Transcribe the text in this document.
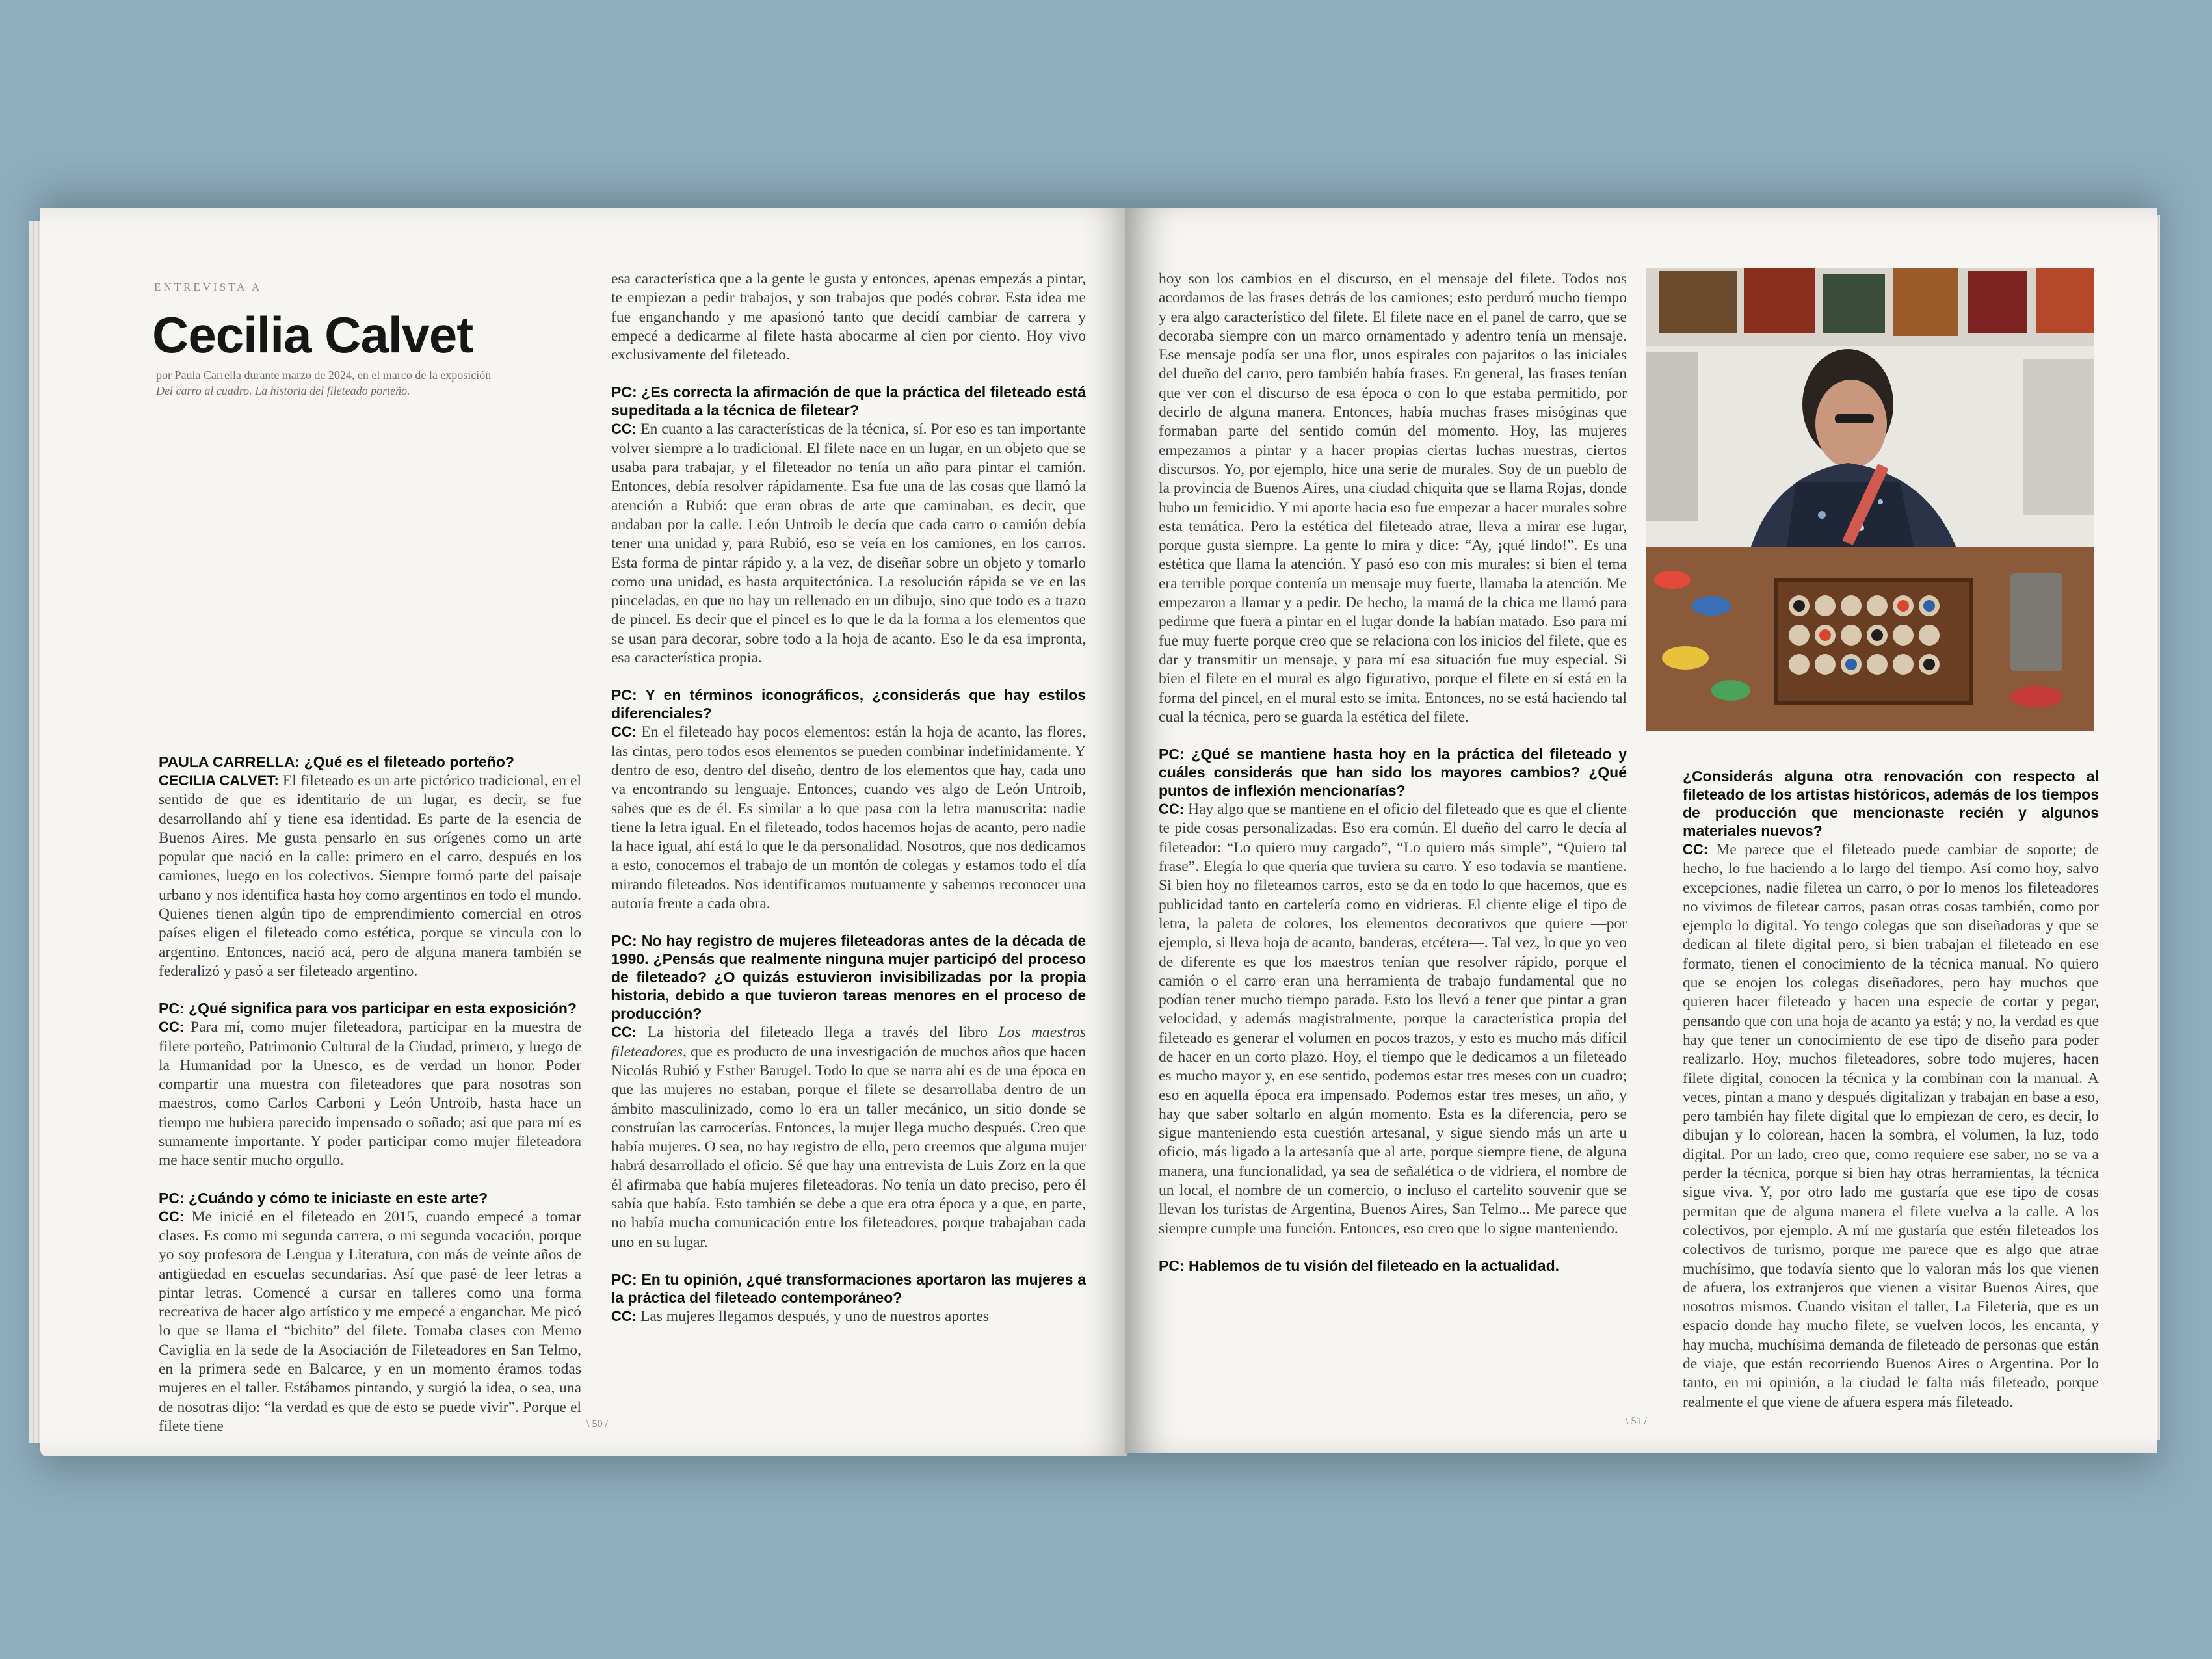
ENTREVISTA A
Cecilia Calvet
por Paula Carrella durante marzo de 2024, en el marco de la exposición
Del carro al cuadro. La historia del fileteado porteño.

PAULA CARRELLA: ¿Qué es el fileteado porteño?
CECILIA CALVET: El fileteado es un arte pictórico tradicional, en el sentido de que es identitario de un lugar, es decir, se fue desarrollando ahí y tiene esa identidad. Es parte de la esencia de Buenos Aires. Me gusta pensarlo en sus orígenes como un arte popular que nació en la calle: primero en el carro, después en los camiones, luego en los colectivos. Siempre formó parte del paisaje urbano y nos identifica hasta hoy como argentinos en todo el mundo. Quienes tienen algún tipo de emprendimiento comercial en otros países eligen el fileteado como estética, porque se vincula con lo argentino. Entonces, nació acá, pero de alguna manera también se federalizó y pasó a ser fileteado argentino.

PC: ¿Qué significa para vos participar en esta exposición?
CC: Para mí, como mujer fileteadora, participar en la muestra de filete porteño, Patrimonio Cultural de la Ciudad, primero, y luego de la Humanidad por la Unesco, es de verdad un honor. Poder compartir una muestra con fileteadores que para nosotras son maestros, como Carlos Carboni y León Untroib, hasta hace un tiempo me hubiera parecido impensado o soñado; así que para mí es sumamente importante. Y poder participar como mujer fileteadora me hace sentir mucho orgullo.

PC: ¿Cuándo y cómo te iniciaste en este arte?
CC: Me inicié en el fileteado en 2015, cuando empecé a tomar clases. Es como mi segunda carrera, o mi segunda vocación, porque yo soy profesora de Lengua y Literatura, con más de veinte años de antigüedad en escuelas secundarias. Así que pasé de leer letras a pintar letras. Comencé a cursar en talleres como una forma recreativa de hacer algo artístico y me empecé a enganchar. Me picó lo que se llama el “bichito” del filete. Tomaba clases con Memo Caviglia en la sede de la Asociación de Fileteadores en San Telmo, en la primera sede en Balcarce, y en un momento éramos todas mujeres en el taller. Estábamos pintando, y surgió la idea, o sea, una de nosotras dijo: “la verdad es que de esto se puede vivir”. Porque el filete tiene

esa característica que a la gente le gusta y entonces, apenas empezás a pintar, te empiezan a pedir trabajos, y son trabajos que podés cobrar. Esta idea me fue enganchando y me apasionó tanto que decidí cambiar de carrera y empecé a dedicarme al filete hasta abocarme al cien por ciento. Hoy vivo exclusivamente del fileteado.

PC: ¿Es correcta la afirmación de que la práctica del fileteado está supeditada a la técnica de filetear?
CC: En cuanto a las características de la técnica, sí. Por eso es tan importante volver siempre a lo tradicional. El filete nace en un lugar, en un objeto que se usaba para trabajar, y el fileteador no tenía un año para pintar el camión. Entonces, debía resolver rápidamente. Esa fue una de las cosas que llamó la atención a Rubió: que eran obras de arte que caminaban, es decir, que andaban por la calle. León Untroib le decía que cada carro o camión debía tener una unidad y, para Rubió, eso se veía en los camiones, en los carros. Esta forma de pintar rápido y, a la vez, de diseñar sobre un objeto y tomarlo como una unidad, es hasta arquitectónica. La resolución rápida se ve en las pinceladas, en que no hay un rellenado en un dibujo, sino que todo es a trazo de pincel. Es decir que el pincel es lo que le da la forma a los elementos que se usan para decorar, sobre todo a la hoja de acanto. Eso le da esa impronta, esa característica propia.

PC: Y en términos iconográficos, ¿considerás que hay estilos diferenciales?
CC: En el fileteado hay pocos elementos: están la hoja de acanto, las flores, las cintas, pero todos esos elementos se pueden combinar indefinidamente. Y dentro de eso, dentro del diseño, dentro de los elementos que hay, cada uno va encontrando su lenguaje. Entonces, cuando ves algo de León Untroib, sabes que es de él. Es similar a lo que pasa con la letra manuscrita: nadie tiene la letra igual. En el fileteado, todos hacemos hojas de acanto, pero nadie la hace igual, ahí está lo que le da personalidad. Nosotros, que nos dedicamos a esto, conocemos el trabajo de un montón de colegas y estamos todo el día mirando fileteados. Nos identificamos mutuamente y sabemos reconocer una autoría frente a cada obra.

PC: No hay registro de mujeres fileteadoras antes de la década de 1990. ¿Pensás que realmente ninguna mujer participó del proceso de fileteado? ¿O quizás estuvieron invisibilizadas por la propia historia, debido a que tuvieron tareas menores en el proceso de producción?
CC: La historia del fileteado llega a través del libro Los maestros fileteadores, que es producto de una investigación de muchos años que hacen Nicolás Rubió y Esther Barugel. Todo lo que se narra ahí es de una época en que las mujeres no estaban, porque el filete se desarrollaba dentro de un ámbito masculinizado, como lo era un taller mecánico, un sitio donde se construían las carrocerías. Entonces, la mujer llega mucho después. Creo que había mujeres. O sea, no hay registro de ello, pero creemos que alguna mujer habrá desarrollado el oficio. Sé que hay una entrevista de Luis Zorz en la que él afirmaba que había mujeres fileteadoras. No tenía un dato preciso, pero él sabía que había. Esto también se debe a que era otra época y a que, en parte, no había mucha comunicación entre los fileteadores, porque trabajaban cada uno en su lugar.

PC: En tu opinión, ¿qué transformaciones aportaron las mujeres a la práctica del fileteado contemporáneo?
CC: Las mujeres llegamos después, y uno de nuestros aportes

\ 50 /

hoy son los cambios en el discurso, en el mensaje del filete. Todos nos acordamos de las frases detrás de los camiones; esto perduró mucho tiempo y era algo característico del filete. El filete nace en el panel de carro, que se decoraba siempre con un marco ornamentado y adentro tenía un mensaje. Ese mensaje podía ser una flor, unos espirales con pajaritos o las iniciales del dueño del carro, pero también había frases. En general, las frases tenían que ver con el discurso de esa época o con lo que estaba permitido, por decirlo de alguna manera. Entonces, había muchas frases misóginas que formaban parte del sentido común del momento. Hoy, las mujeres empezamos a pintar y a hacer propias ciertas luchas nuestras, ciertos discursos. Yo, por ejemplo, hice una serie de murales. Soy de un pueblo de la provincia de Buenos Aires, una ciudad chiquita que se llama Rojas, donde hubo un femicidio. Y mi aporte hacia eso fue empezar a hacer murales sobre esta temática. Pero la estética del fileteado atrae, lleva a mirar ese lugar, porque gusta siempre. La gente lo mira y dice: “Ay, ¡qué lindo!”. Es una estética que llama la atención. Y pasó eso con mis murales: si bien el tema era terrible porque contenía un mensaje muy fuerte, llamaba la atención. Me empezaron a llamar y a pedir. De hecho, la mamá de la chica me llamó para pedirme que fuera a pintar en el lugar donde la habían matado. Eso para mí fue muy fuerte porque creo que se relaciona con los inicios del filete, que es dar y transmitir un mensaje, y para mí esa situación fue muy especial. Si bien el filete en el mural es algo figurativo, porque el filete en sí está en la forma del pincel, en el mural esto se imita. Entonces, no se está haciendo tal cual la técnica, pero se guarda la estética del filete.

PC: ¿Qué se mantiene hasta hoy en la práctica del fileteado y cuáles considerás que han sido los mayores cambios? ¿Qué puntos de inflexión mencionarías?
CC: Hay algo que se mantiene en el oficio del fileteado que es que el cliente te pide cosas personalizadas. Eso era común. El dueño del carro le decía al fileteador: “Lo quiero muy cargado”, “Lo quiero más simple”, “Quiero tal frase”. Elegía lo que quería que tuviera su carro. Y eso todavía se mantiene. Si bien hoy no fileteamos carros, esto se da en todo lo que hacemos, que es publicidad tanto en cartelería como en vidrieras. El cliente elige el tipo de letra, la paleta de colores, los elementos decorativos que quiere —por ejemplo, si lleva hoja de acanto, banderas, etcétera—. Tal vez, lo que yo veo de diferente es que los maestros tenían que resolver rápido, porque el camión o el carro eran una herramienta de trabajo fundamental que no podían tener mucho tiempo parada. Esto los llevó a tener que pintar a gran velocidad, y además magistralmente, porque la característica propia del fileteado es generar el volumen en pocos trazos, y esto es mucho más difícil de hacer en un corto plazo. Hoy, el tiempo que le dedicamos a un fileteado es mucho mayor y, en ese sentido, podemos estar tres meses con un cuadro; eso en aquella época era impensado. Podemos estar tres meses, un año, y hay que saber soltarlo en algún momento. Esta es la diferencia, pero se sigue manteniendo esta cuestión artesanal, y sigue siendo más un arte u oficio, más ligado a la artesanía que al arte, porque siempre tiene, de alguna manera, una funcionalidad, ya sea de señalética o de vidriera, el nombre de un local, el nombre de un comercio, o incluso el cartelito souvenir que se llevan los turistas de Argentina, Buenos Aires, San Telmo... Me parece que siempre cumple una función. Entonces, eso creo que lo sigue manteniendo.

PC: Hablemos de tu visión del fileteado en la actualidad.

¿Considerás alguna otra renovación con respecto al fileteado de los artistas históricos, además de los tiempos de producción que mencionaste recién y algunos materiales nuevos?
CC: Me parece que el fileteado puede cambiar de soporte; de hecho, lo fue haciendo a lo largo del tiempo. Así como hoy, salvo excepciones, nadie filetea un carro, o por lo menos los fileteadores no vivimos de filetear carros, pasan otras cosas también, como por ejemplo lo digital. Yo tengo colegas que son diseñadoras y que se dedican al filete digital pero, si bien trabajan el fileteado en ese formato, tienen el conocimiento de la técnica manual. No quiero que se enojen los colegas diseñadores, pero hay muchos que quieren hacer fileteado y hacen una especie de cortar y pegar, pensando que con una hoja de acanto ya está; y no, la verdad es que hay que tener un conocimiento de ese tipo de diseño para poder realizarlo. Hoy, muchos fileteadores, sobre todo mujeres, hacen filete digital, conocen la técnica y la combinan con la manual. A veces, pintan a mano y después digitalizan y trabajan en base a eso, pero también hay filete digital que lo empiezan de cero, es decir, lo dibujan y lo colorean, hacen la sombra, el volumen, la luz, todo digital. Por un lado, creo que, como requiere ese saber, no se va a perder la técnica, porque si bien hay otras herramientas, la técnica sigue viva. Y, por otro lado me gustaría que ese tipo de cosas permitan que de alguna manera el filete vuelva a la calle. A los colectivos, por ejemplo. A mí me gustaría que estén fileteados los colectivos de turismo, porque me parece que es algo que atrae muchísimo, que todavía siento que lo valoran más los que vienen de afuera, los extranjeros que vienen a visitar Buenos Aires, que nosotros mismos. Cuando visitan el taller, La Fileteria, que es un espacio donde hay mucho filete, se vuelven locos, les encanta, y hay mucha, muchísima demanda de fileteado de personas que están de viaje, que están recorriendo Buenos Aires o Argentina. Por lo tanto, en mi opinión, a la ciudad le falta más fileteado, porque realmente el que viene de afuera espera más fileteado.

\ 51 /
